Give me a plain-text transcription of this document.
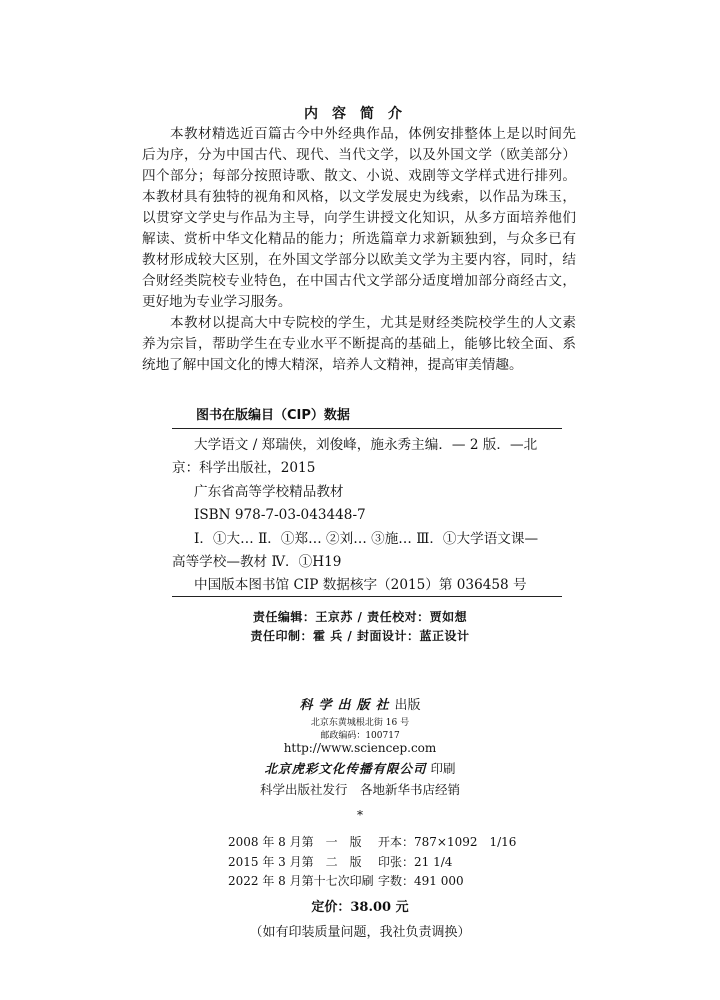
内容简介

本教材精选近百篇古今中外经典作品，体例安排整体上是以时间先后为序，分为中国古代、现代、当代文学，以及外国文学（欧美部分）四个部分；每部分按照诗歌、散文、小说、戏剧等文学样式进行排列。本教材具有独特的视角和风格，以文学发展史为线索，以作品为珠玉，以贯穿文学史与作品为主导，向学生讲授文化知识，从多方面培养他们解读、赏析中华文化精品的能力；所选篇章力求新颖独到，与众多已有教材形成较大区别，在外国文学部分以欧美文学为主要内容，同时，结合财经类院校专业特色，在中国古代文学部分适度增加部分商经古文，更好地为专业学习服务。

本教材以提高大中专院校的学生，尤其是财经类院校学生的人文素养为宗旨，帮助学生在专业水平不断提高的基础上，能够比较全面、系统地了解中国文化的博大精深，培养人文精神，提高审美情趣。

图书在版编目（CIP）数据
大学语文 / 郑瑞侠，刘俊峰，施永秀主编．— 2 版．—北
京：科学出版社，2015
广东省高等学校精品教材
ISBN 978-7-03-043448-7
Ⅰ．①大… Ⅱ．①郑… ②刘… ③施… Ⅲ．①大学语文课—
高等学校—教材 Ⅳ．①H19
中国版本图书馆 CIP 数据核字（2015）第 036458 号
责任编辑：王京苏 / 责任校对：贾如想
责任印制：霍 兵 / 封面设计：蓝正设计
科学出版社出版
北京东黄城根北街 16 号
邮政编码：100717
http://www.sciencep.com
北京虎彩文化传播有限公司 印刷
科学出版社发行　各地新华书店经销
*
2008 年 8 月第　一　版 开本：787×1092　1/16
2015 年 3 月第　二　版 印张：21 1/4
2022 年 8 月第十七次印刷 字数：491 000
定价：38.00 元
（如有印装质量问题，我社负责调换）
